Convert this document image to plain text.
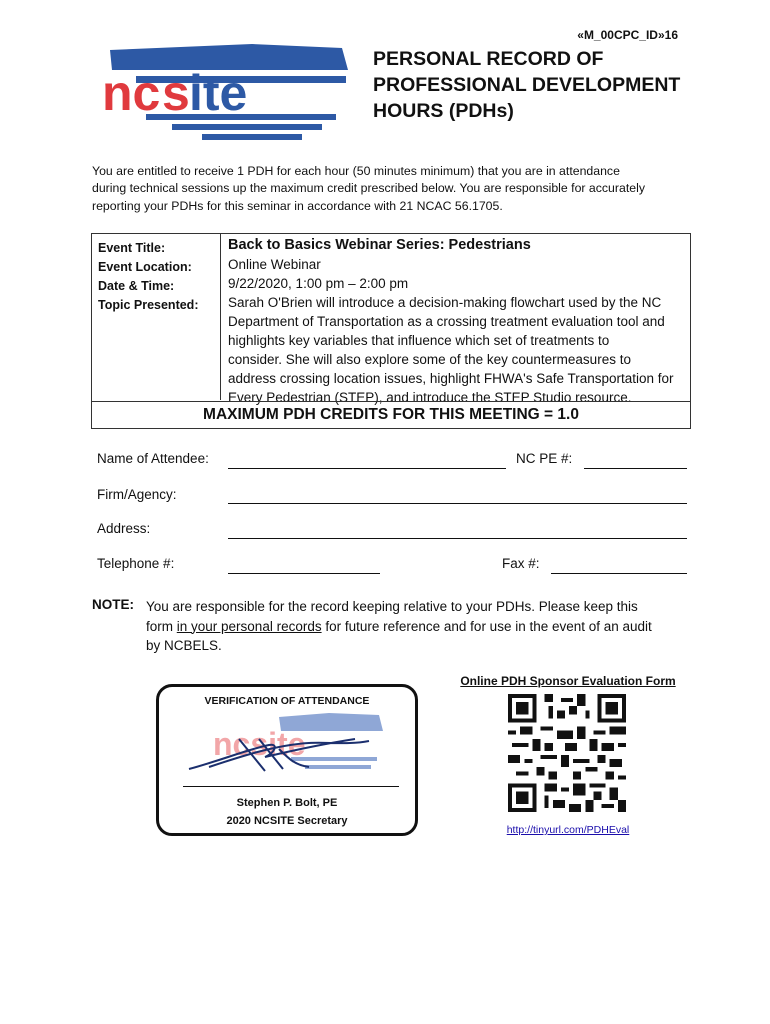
«M_00CPC_ID»16
nc s ite
PERSONAL RECORD OF
PROFESSIONAL DEVELOPMENT
HOURS (PDHs)
You are entitled to receive 1 PDH for each hour (50 minutes minimum) that you are in attendance
during technical sessions up the maximum credit prescribed below. You are responsible for accurately
reporting your PDHs for this seminar in accordance with 21 NCAC 56.1705.
Event Title:
Event Location:
Date & Time:
Topic Presented:
Back to Basics Webinar Series: Pedestrians
Online Webinar
9/22/2020, 1:00 pm – 2:00 pm
Sarah O'Brien will introduce a decision-making flowchart used by the NC
Department of Transportation as a crossing treatment evaluation tool and
highlights key variables that influence which set of treatments to
consider. She will also explore some of the key countermeasures to
address crossing location issues, highlight FHWA's Safe Transportation for
Every Pedestrian (STEP), and introduce the STEP Studio resource.
MAXIMUM PDH CREDITS FOR THIS MEETING = 1.0
Name of Attendee:	NC PE #:
Firm/Agency:
Address:
Telephone #:	Fax #:
NOTE: You are responsible for the record keeping relative to your PDHs. Please keep this
form in your personal records for future reference and for use in the event of an audit
by NCBELS.
VERIFICATION OF ATTENDANCE
ncsite
Stephen P. Bolt, PE
2020 NCSITE Secretary
Online PDH Sponsor Evaluation Form
http://tinyurl.com/PDHEval
